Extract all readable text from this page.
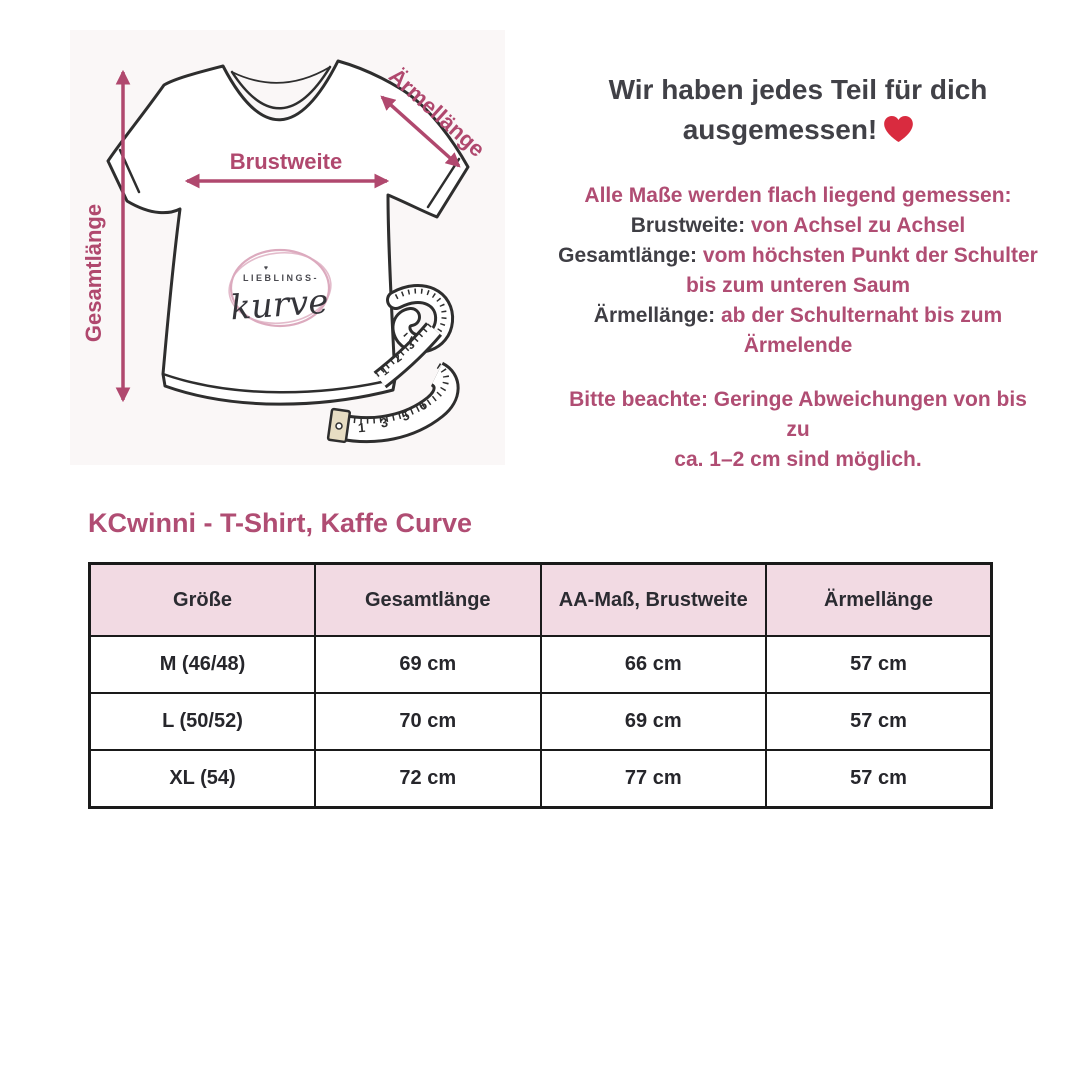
♥
LIEBLINGS-
kurve
1
2
3
1 3 5
6
Brustweite
Gesamtlänge
Ärmellänge	Wir haben jedes Teil für dich ausgemessen!

Alle Maße werden flach liegend gemessen:

Brustweite: von Achsel zu Achsel

Gesamtlänge: vom höchsten Punkt der Schulter

bis zum unteren Saum

Ärmellänge: ab der Schulternaht bis zum

Ärmelende

Bitte beachte: Geringe Abweichungen von bis zu

ca. 1–2 cm sind möglich.

KCwinni - T-Shirt, Kaffe Curve
Größe	Gesamtlänge	AA-Maß, Brustweite	Ärmellänge
M (46/48)	69 cm	66 cm	57 cm
L (50/52)	70 cm	69 cm	57 cm
XL (54)	72 cm	77 cm	57 cm
